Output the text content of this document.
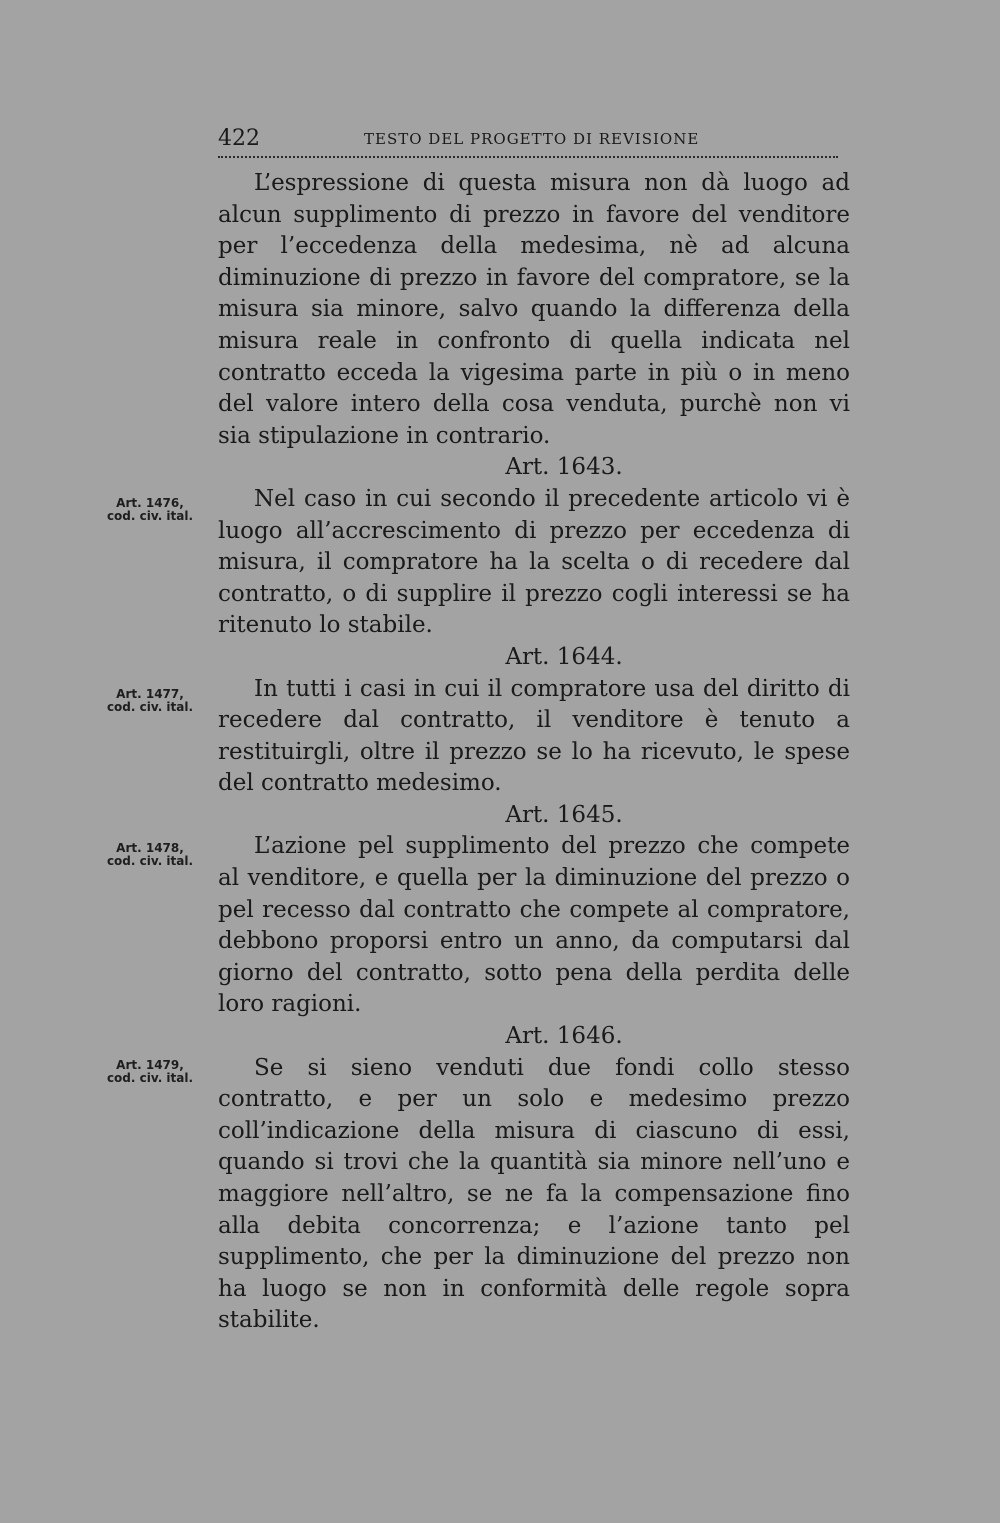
422	TESTO DEL PROGETTO DI REVISIONE
Art. 1476,
cod. civ. ital.
Art. 1477,
cod. civ. ital.
Art. 1478,
cod. civ. ital.
Art. 1479,
cod. civ. ital.

L’espressione di questa misura non dà luogo ad alcun supplimento di prezzo in favore del venditore per l’eccedenza della medesima, nè ad alcuna diminuzione di prezzo in favore del compratore, se la misura sia minore, salvo quando la differenza della misura reale in confronto di quella indicata nel contratto ecceda la vigesima parte in più o in meno del valore intero della cosa venduta, purchè non vi sia stipulazione in contrario.

Art. 1643.

Nel caso in cui secondo il precedente articolo vi è luogo all’accrescimento di prezzo per eccedenza di misura, il compratore ha la scelta o di recedere dal contratto, o di supplire il prezzo cogli interessi se ha ritenuto lo stabile.

Art. 1644.

In tutti i casi in cui il compratore usa del diritto di recedere dal contratto, il venditore è tenuto a restituirgli, oltre il prezzo se lo ha ricevuto, le spese del contratto medesimo.

Art. 1645.

L’azione pel supplimento del prezzo che compete al venditore, e quella per la diminuzione del prezzo o pel recesso dal contratto che compete al compratore, debbono proporsi entro un anno, da computarsi dal giorno del contratto, sotto pena della perdita delle loro ragioni.

Art. 1646.

Se si sieno venduti due fondi collo stesso contratto, e per un solo e medesimo prezzo coll’indicazione della misura di ciascuno di essi, quando si trovi che la quantità sia minore nell’uno e maggiore nell’altro, se ne fa la compensazione fino alla debita concorrenza; e l’azione tanto pel supplimento, che per la diminuzione del prezzo non ha luogo se non in conformità delle regole sopra stabilite.
